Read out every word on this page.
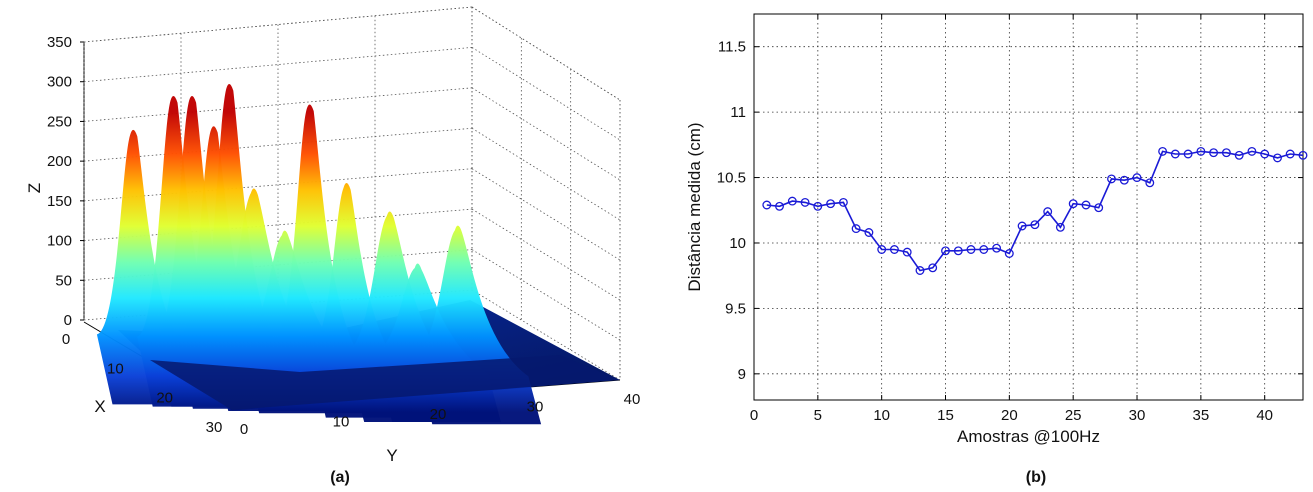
0
50
100
150
200
250
300
350
0
10
20
30 0	10	20	30	40
X
Y
Z
(a)
0	5	10	15	20	25	30	35	40
9
9.5
10
10.5
11
11.5
Amostras @100Hz
Distância medida (cm)
(b)
